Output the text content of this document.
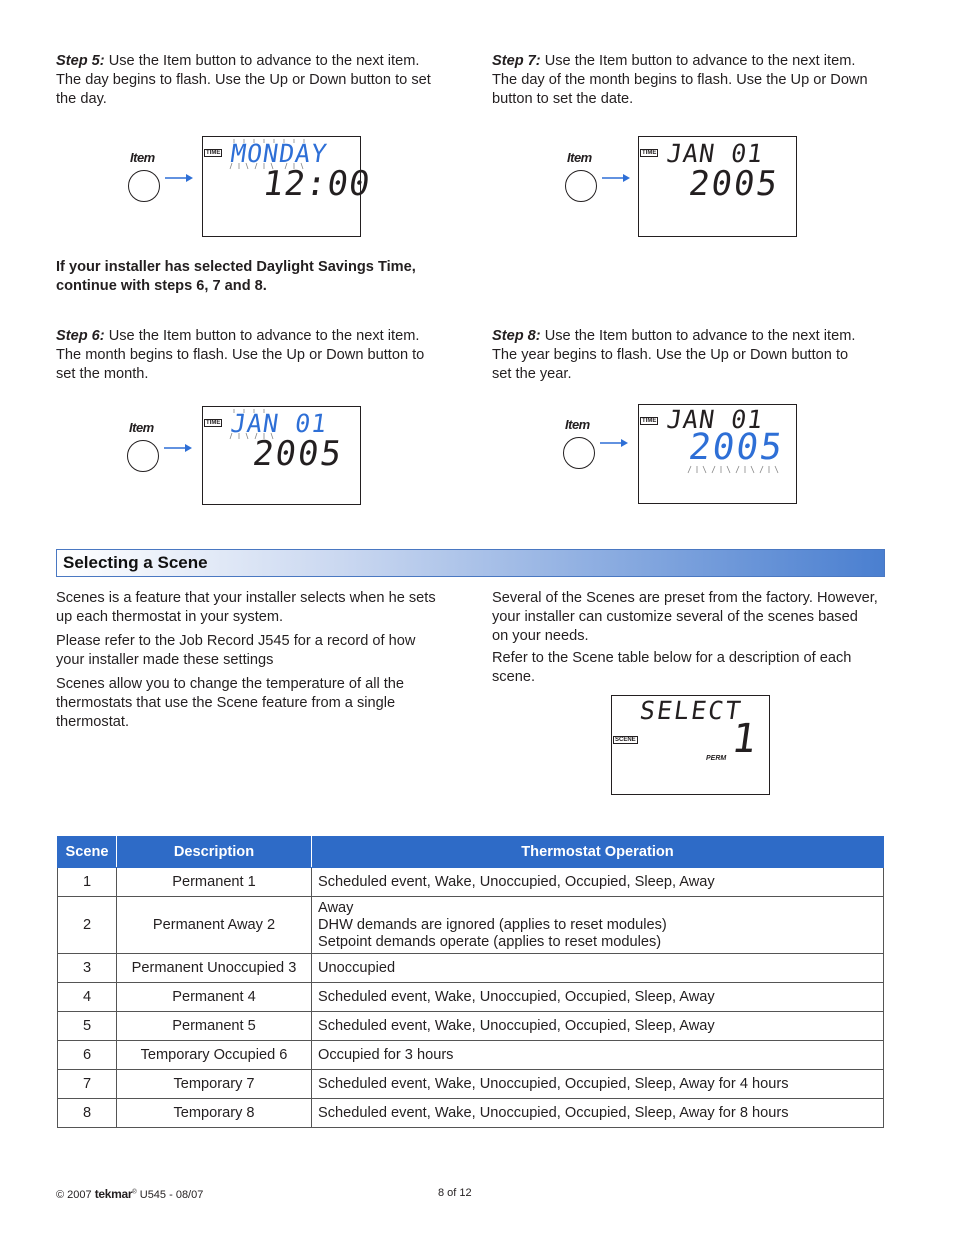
Step 5: Use the Item button to advance to the next item.
The day begins to flash. Use the Up or Down button to set
the day.
Step 7: Use the Item button to advance to the next item.
The day of the month begins to flash. Use the Up or Down
button to set the date.
Item	TIME MONDAY
12:00
Item	TIME JAN 01
2005
If your installer has selected Daylight Savings Time,
continue with steps 6, 7 and 8.
Step 6: Use the Item button to advance to the next item.
The month begins to flash. Use the Up or Down button to
set the month.
Step 8: Use the Item button to advance to the next item.
The year begins to flash. Use the Up or Down button to
set the year.
Item	TIME JAN 01
2005
Item	TIME JAN 01
2005
Selecting a Scene
Scenes is a feature that your installer selects when he sets
up each thermostat in your system.
Please refer to the Job Record J545 for a record of how
your installer made these settings
Scenes allow you to change the temperature of all the
thermostats that use the Scene feature from a single
thermostat.
Several of the Scenes are preset from the factory. However,
your installer can customize several of the scenes based
on your needs.
Refer to the Scene table below for a description of each
scene.
SELECT
1
SCENE
PERM
Scene	Description	Thermostat Operation
1	Permanent 1	Scheduled event, Wake, Unoccupied, Occupied, Sleep, Away
2	Permanent Away 2	Away
DHW demands are ignored (applies to reset modules)
Setpoint demands operate (applies to reset modules)

3	Permanent Unoccupied 3	Unoccupied
4	Permanent 4	Scheduled event, Wake, Unoccupied, Occupied, Sleep, Away
5	Permanent 5	Scheduled event, Wake, Unoccupied, Occupied, Sleep, Away
6	Temporary Occupied 6	Occupied for 3 hours
7	Temporary 7	Scheduled event, Wake, Unoccupied, Occupied, Sleep, Away for 4 hours
8	Temporary 8	Scheduled event, Wake, Unoccupied, Occupied, Sleep, Away for 8 hours
© 2007 tekmar® U545 - 08/07	8 of 12
